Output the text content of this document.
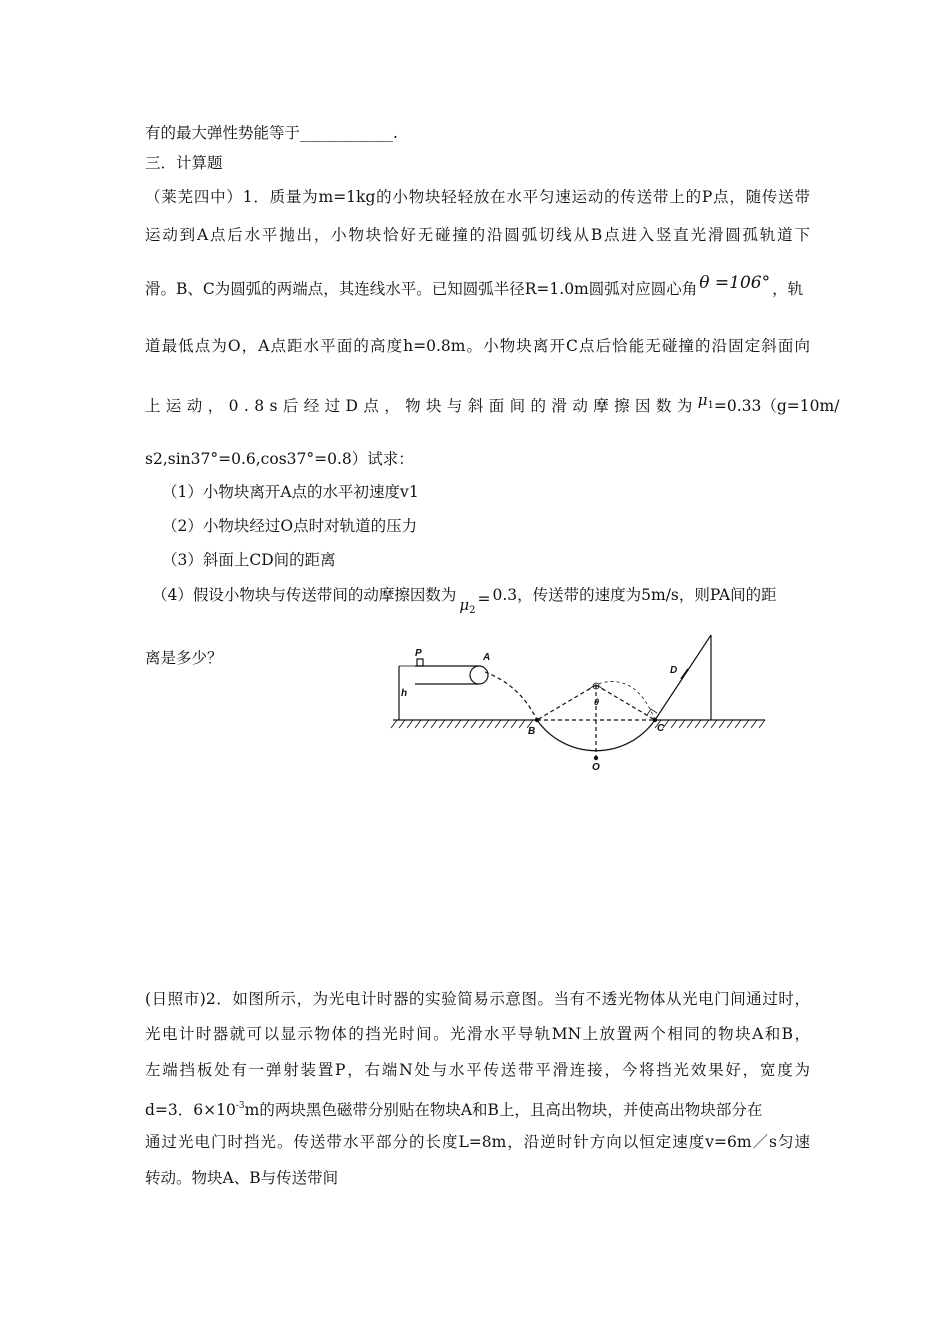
有的最大弹性势能等于____________.
三．计算题
（莱芜四中）1．质量为m=1kg的小物块轻轻放在水平匀速运动的传送带上的P点，随传送带
运动到A点后水平抛出，小物块恰好无碰撞的沿圆弧切线从B点进入竖直光滑圆孤轨道下
滑。B、C为圆弧的两端点，其连线水平。已知圆弧半径R=1.0m圆弧对应圆心角 θ =106° ，轨
道最低点为O，A点距水平面的高度h=0.8m。小物块离开C点后恰能无碰撞的沿固定斜面向
上运动，0.8s后经过D点，物块与斜面间的滑动摩擦因数为$\mu_1=0.33(g=10m/$
s2,sin37°=0.6,cos37°=0.8）试求：
（1）小物块离开A点的水平初速度v1
（2）小物块经过O点时对轨道的压力
（3）斜面上CD间的距离
（4）假设小物块与传送带间的动摩擦因数为$\mu_2= 0.3$，传送带的速度为5m/s，则PA间的距
离是多少？	P	A
h
B	C
O
D
θ
(日照市)2．如图所示，为光电计时器的实验简易示意图。当有不透光物体从光电门间通过时，
光电计时器就可以显示物体的挡光时间。光滑水平导轨MN上放置两个相同的物块A和B，
左端挡板处有一弹射装置P，右端N处与水平传送带平滑连接，今将挡光效果好，宽度为
d=3．$6\times 10^{-3}m$的两块黑色磁带分别贴在物块A和B上，且高出物块，并使高出物块部分在
通过光电门时挡光。传送带水平部分的长度L=8m，沿逆时针方向以恒定速度v=6m／s匀速
转动。物块A、B与传送带间
